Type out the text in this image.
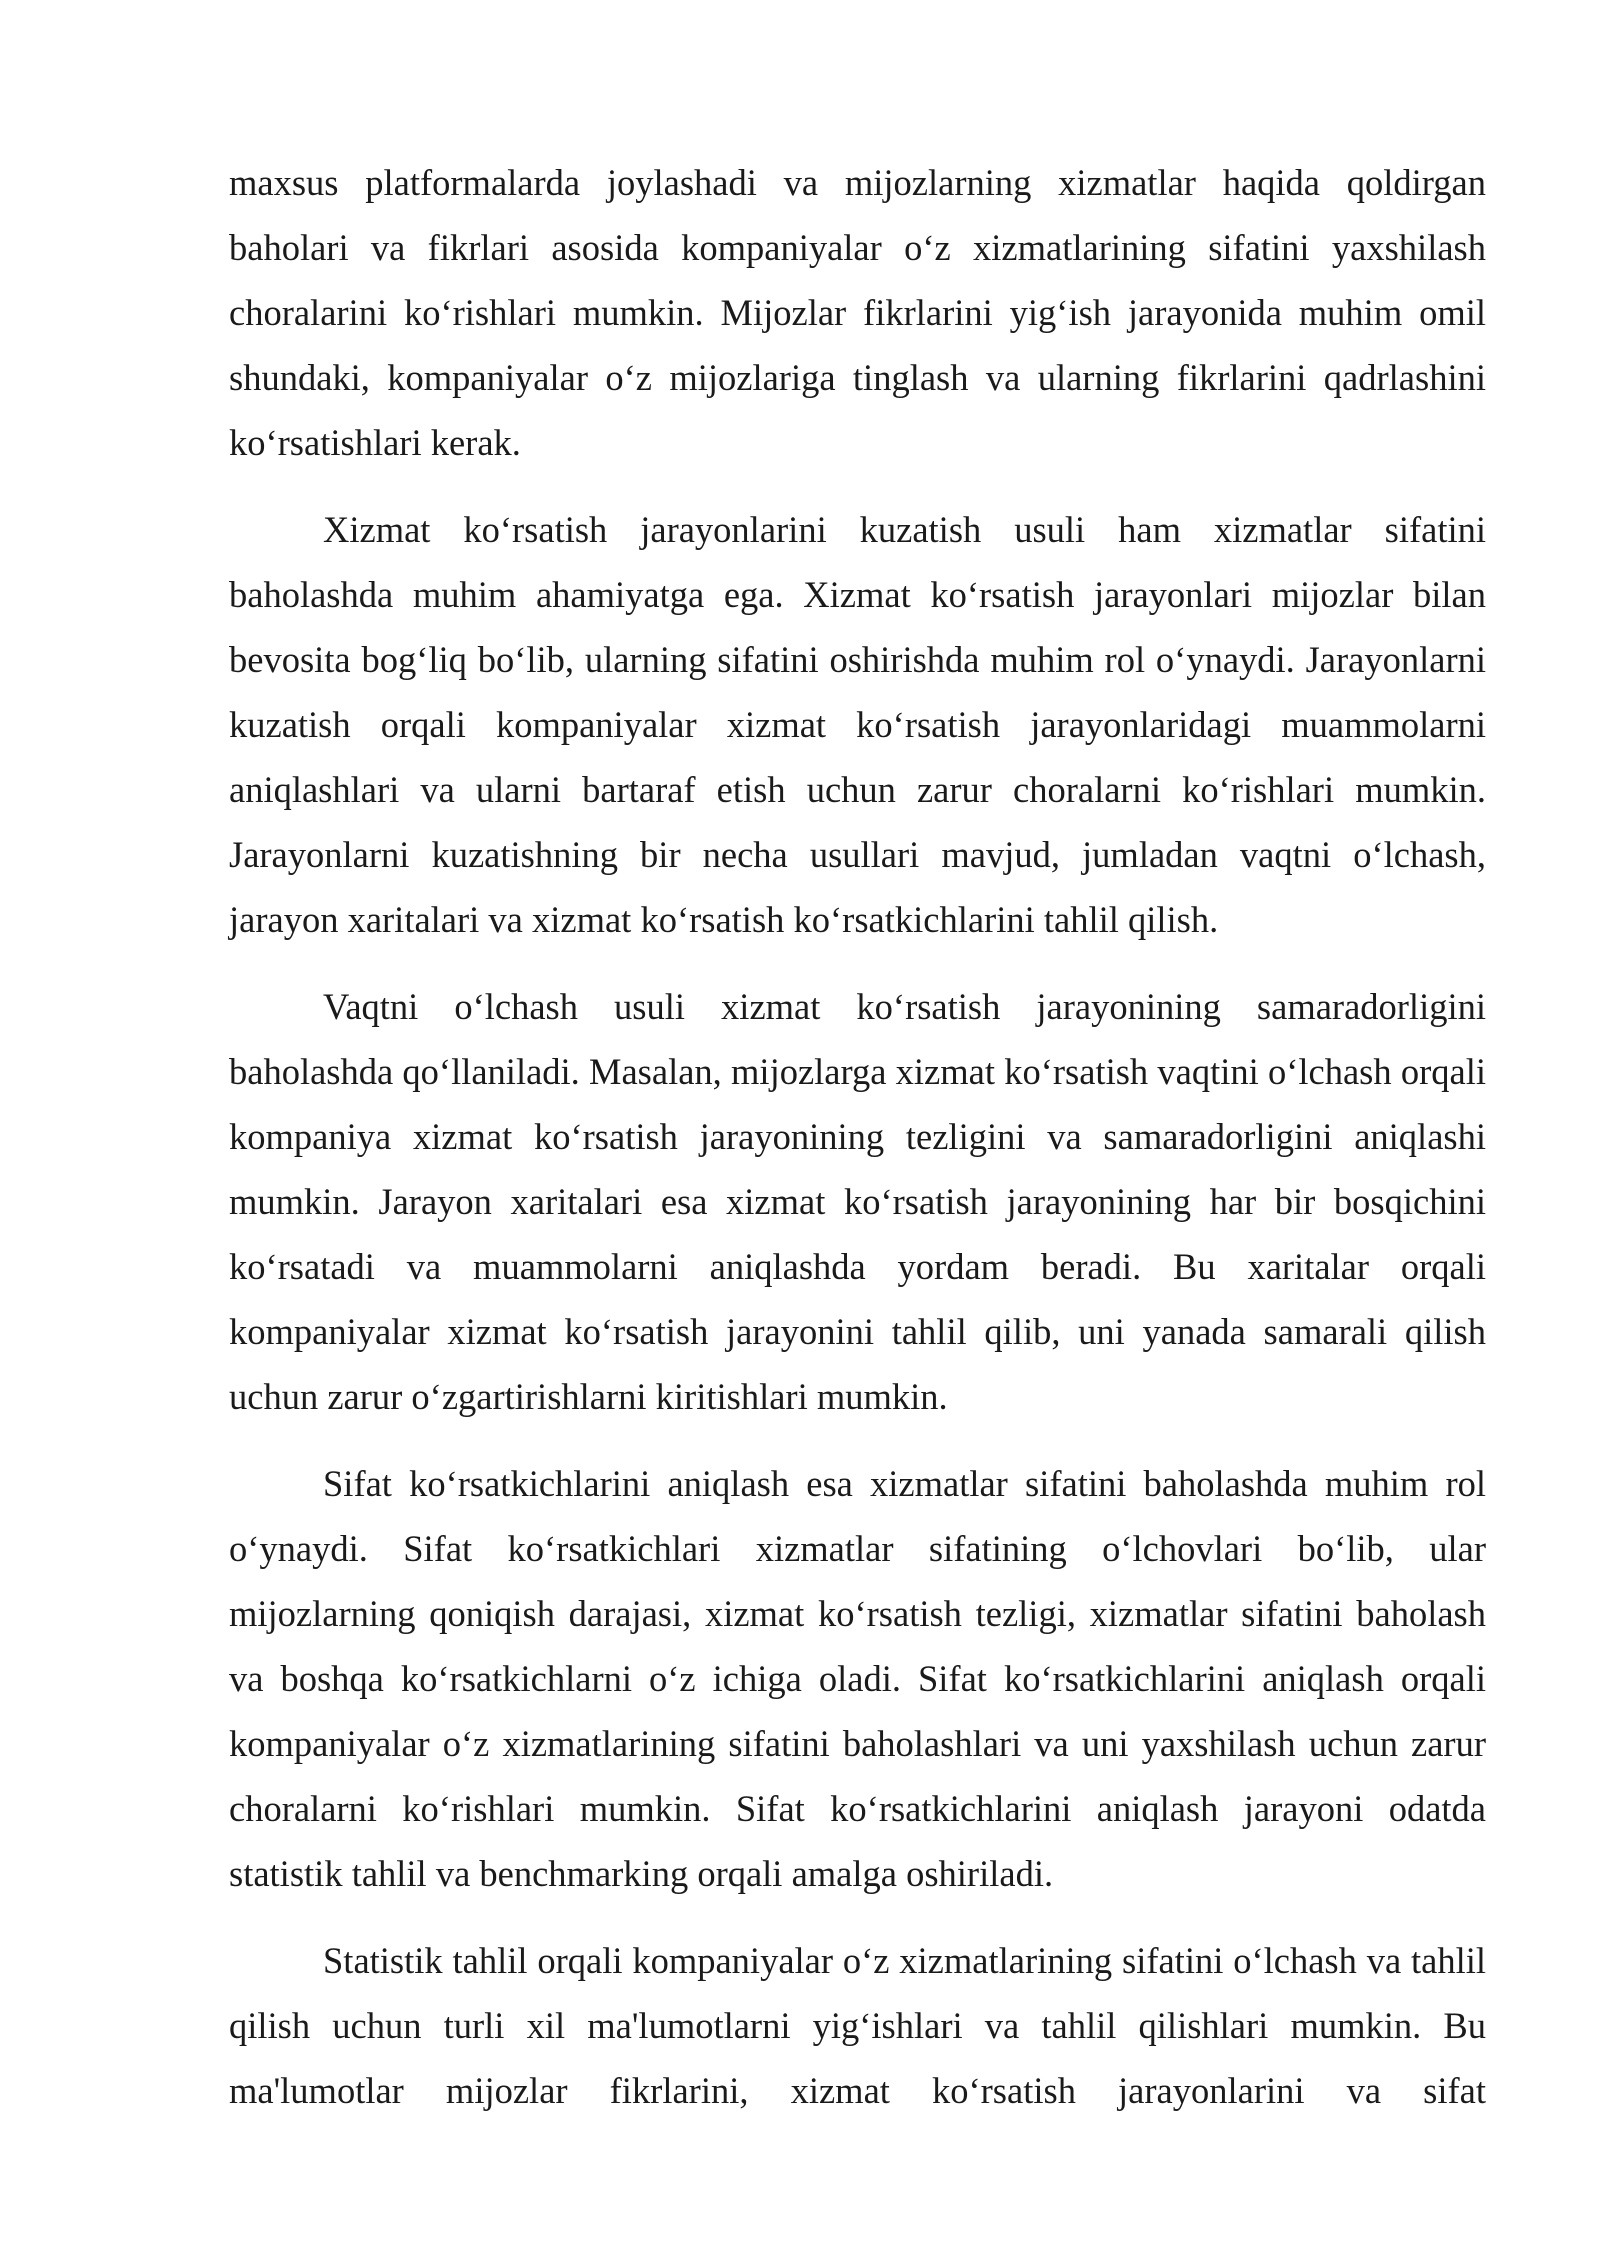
maxsus platformalarda joylashadi va mijozlarning xizmatlar haqida qoldirgan baholari va fikrlari asosida kompaniyalar o‘z xizmatlarining sifatini yaxshilash choralarini ko‘rishlari mumkin. Mijozlar fikrlarini yig‘ish jarayonida muhim omil shundaki, kompaniyalar o‘z mijozlariga tinglash va ularning fikrlarini qadrlashini ko‘rsatishlari kerak.

Xizmat ko‘rsatish jarayonlarini kuzatish usuli ham xizmatlar sifatini baholashda muhim ahamiyatga ega. Xizmat ko‘rsatish jarayonlari mijozlar bilan bevosita bog‘liq bo‘lib, ularning sifatini oshirishda muhim rol o‘ynaydi. Jarayonlarni kuzatish orqali kompaniyalar xizmat ko‘rsatish jarayonlaridagi muammolarni aniqlashlari va ularni bartaraf etish uchun zarur choralarni ko‘rishlari mumkin. Jarayonlarni kuzatishning bir necha usullari mavjud, jumladan vaqtni o‘lchash, jarayon xaritalari va xizmat ko‘rsatish ko‘rsatkichlarini tahlil qilish.

Vaqtni o‘lchash usuli xizmat ko‘rsatish jarayonining samaradorligini baholashda qo‘llaniladi. Masalan, mijozlarga xizmat ko‘rsatish vaqtini o‘lchash orqali kompaniya xizmat ko‘rsatish jarayonining tezligini va samaradorligini aniqlashi mumkin. Jarayon xaritalari esa xizmat ko‘rsatish jarayonining har bir bosqichini ko‘rsatadi va muammolarni aniqlashda yordam beradi. Bu xaritalar orqali kompaniyalar xizmat ko‘rsatish jarayonini tahlil qilib, uni yanada samarali qilish uchun zarur o‘zgartirishlarni kiritishlari mumkin.

Sifat ko‘rsatkichlarini aniqlash esa xizmatlar sifatini baholashda muhim rol o‘ynaydi. Sifat ko‘rsatkichlari xizmatlar sifatining o‘lchovlari bo‘lib, ular mijozlarning qoniqish darajasi, xizmat ko‘rsatish tezligi, xizmatlar sifatini baholash va boshqa ko‘rsatkichlarni o‘z ichiga oladi. Sifat ko‘rsatkichlarini aniqlash orqali kompaniyalar o‘z xizmatlarining sifatini baholashlari va uni yaxshilash uchun zarur choralarni ko‘rishlari mumkin. Sifat ko‘rsatkichlarini aniqlash jarayoni odatda statistik tahlil va benchmarking orqali amalga oshiriladi.

Statistik tahlil orqali kompaniyalar o‘z xizmatlarining sifatini o‘lchash va tahlil qilish uchun turli xil ma'lumotlarni yig‘ishlari va tahlil qilishlari mumkin. Bu ma'lumotlar mijozlar fikrlarini, xizmat ko‘rsatish jarayonlarini va sifat
